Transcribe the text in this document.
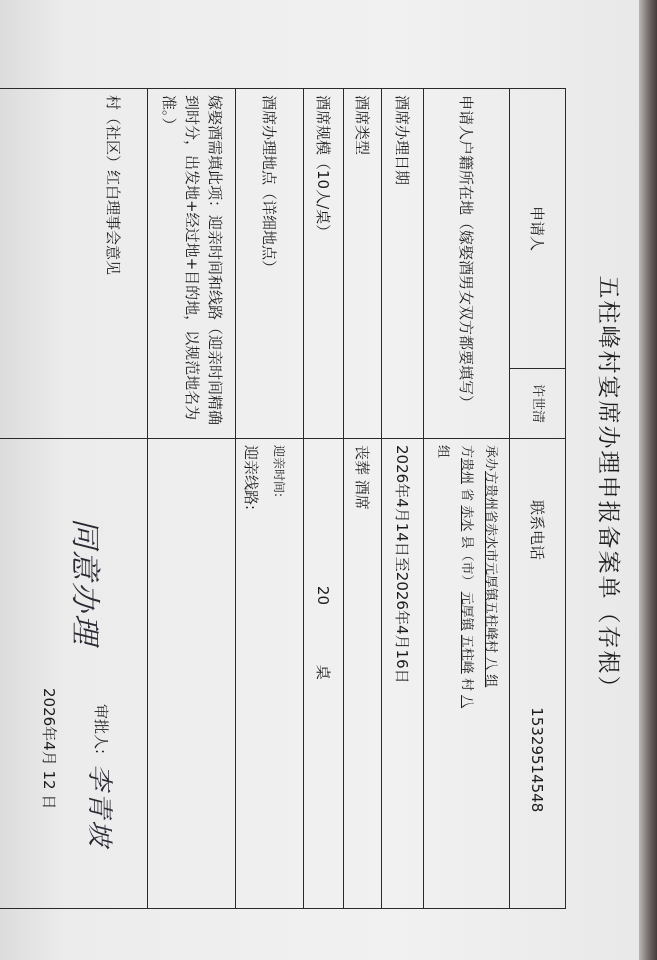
五柱峰村宴席办理申报备案单（存根）
申请人	许世清	联系电话 15329514548
申请人户籍所在地（嫁娶酒男女双方都要填写）		承办方贵州省赤水市元厚镇五柱峰村 八 组
方贵州 省 赤水 县（市） 元厚镇 五柱峰 村 八
组

酒席办理日期		2026年4月14日至2026年4月16日
酒席类型		丧葬 酒席
酒席规模（10人/桌）		20 桌
酒席办理地点（详细地点）		迎亲时间:
迎亲线路:

嫁娶酒需填此项：迎亲时间和线路（迎亲时间精确到时分，出发地+经过地+目的地，以规范地名为准。）		
村（社区）红白理事会意见		
同意办理
审批人:
李青坡
2026年4月 12 日
